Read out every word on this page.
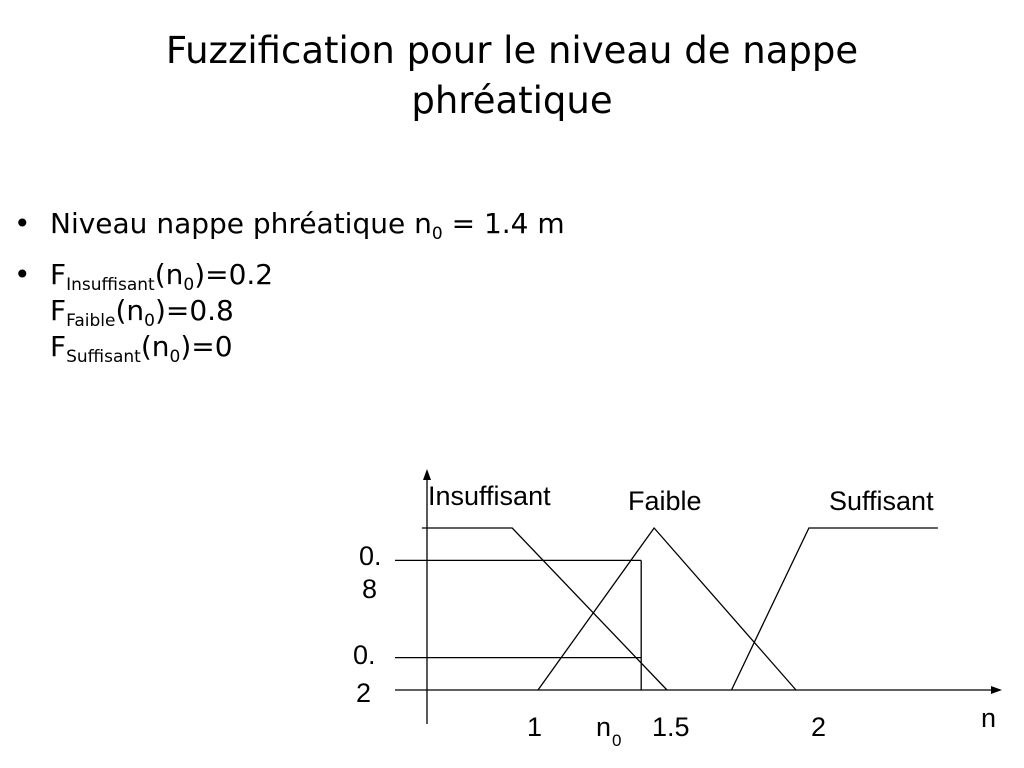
Fuzzification pour le niveau de nappe phréatique
• Niveau nappe phréatique $n_0 = 1.4$ m
• $F_{Insuffisant}(n_0)=0.2$
$F_{Faible}(n_0)=0.8$
$F_{Suffisant}(n_0)=0$
Insuffisant	Faible	Suffisant
0.
8
0.
2
1	1.5	2
n 0
n
